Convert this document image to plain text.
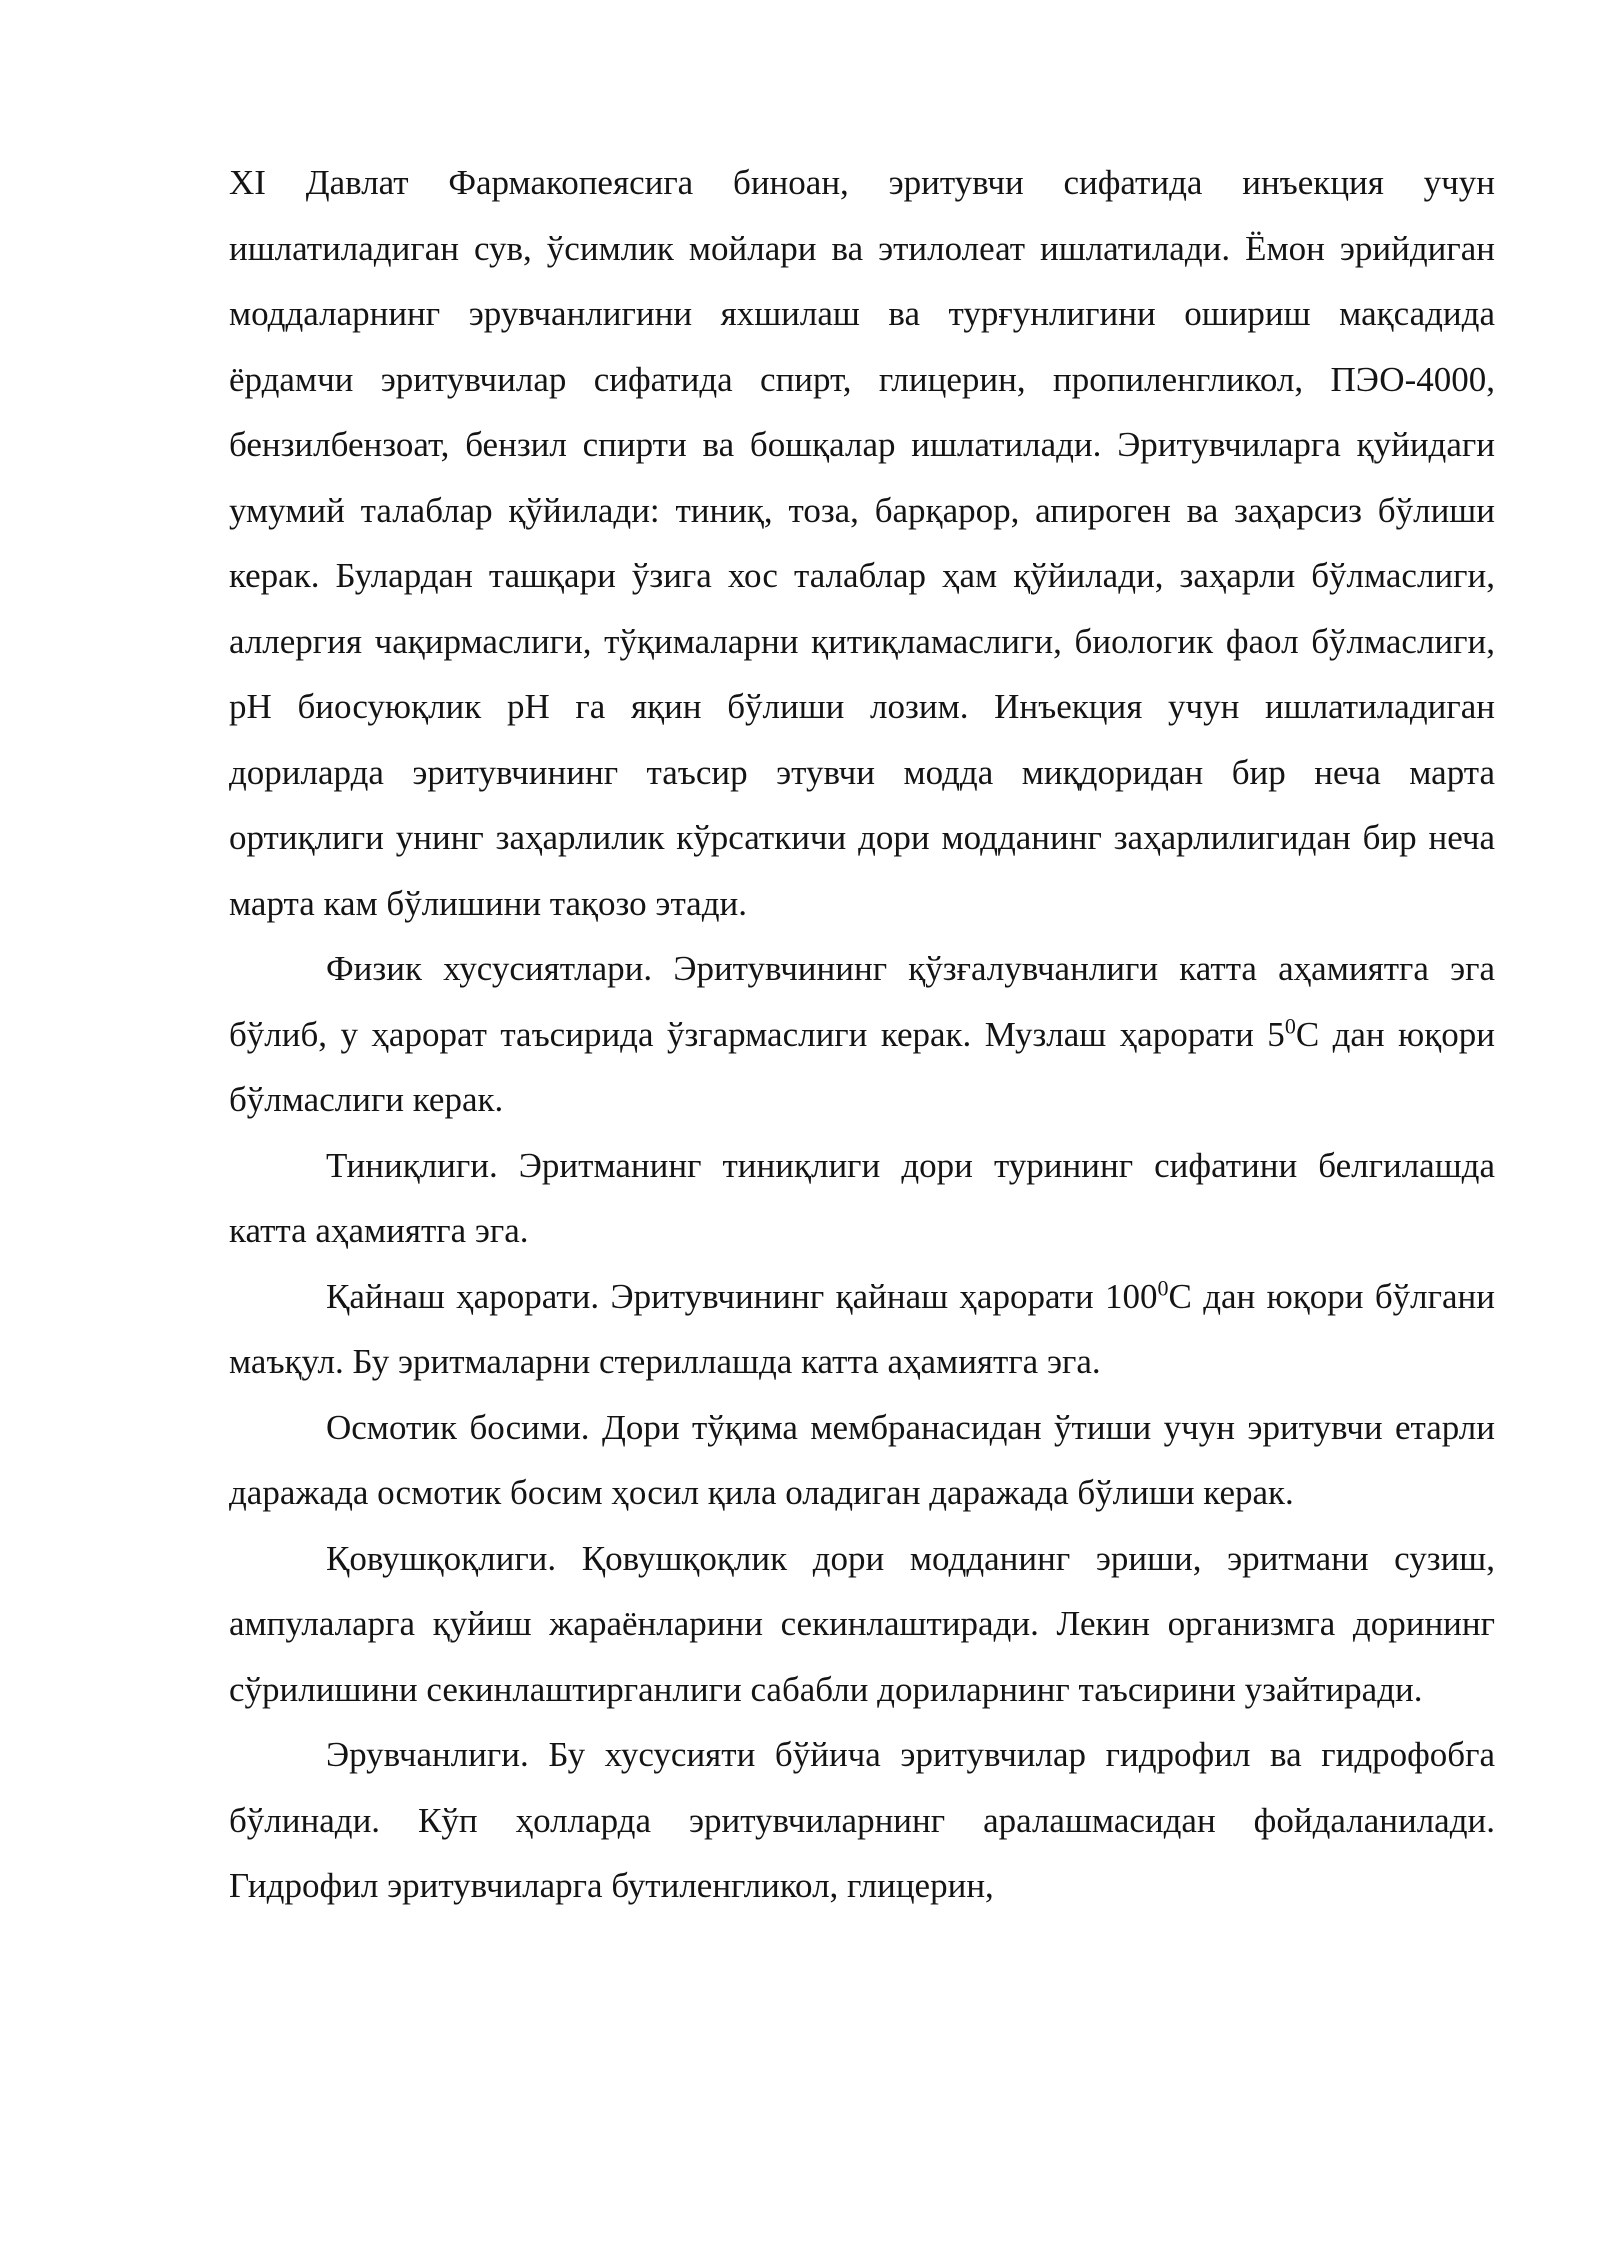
XI Давлат Фармакопеясига биноан, эритувчи сифатида инъекция учун ишлатиладиган сув, ўсимлик мойлари ва этилолеат ишлатилади. Ёмон эрийдиган моддаларнинг эрувчанлигини яхшилаш ва турғунлигини ошириш мақсадида ёрдамчи эритувчилар сифатида спирт, глицерин, пропиленгликол, ПЭО-4000, бензилбензоат, бензил спирти ва бошқалар ишлатилади. Эритувчиларга қуйидаги умумий талаблар қўйилади: тиниқ, тоза, барқарор, апироген ва заҳарсиз бўлиши керак. Булардан ташқари ўзига хос талаблар ҳам қўйилади, заҳарли бўлмаслиги, аллергия чақирмаслиги, тўқималарни қитиқламаслиги, биологик фаол бўлмаслиги, pH биосуюқлик pH га яқин бўлиши лозим. Инъекция учун ишлатиладиган дориларда эритувчининг таъсир этувчи модда миқдоридан бир неча марта ортиқлиги унинг заҳарлилик кўрсаткичи дори модданинг заҳарлилигидан бир неча марта кам бўлишини тақозо этади.

Физик хусусиятлари. Эритувчининг қўзғалувчанлиги катта аҳамиятга эга бўлиб, у ҳарорат таъсирида ўзгармаслиги керак. Музлаш ҳарорати $5^0С$ дан юқори бўлмаслиги керак.

Тиниқлиги. Эритманинг тиниқлиги дори турининг сифатини белгилашда катта аҳамиятга эга.

Қайнаш ҳарорати. Эритувчининг қайнаш ҳарорати $100^0С$ дан юқори бўлгани маъқул. Бу эритмаларни стериллашда катта аҳамиятга эга.

Осмотик босими. Дори тўқима мембранасидан ўтиши учун эритувчи етарли даражада осмотик босим ҳосил қила оладиган даражада бўлиши керак.

Қовушқоқлиги. Қовушқоқлик дори модданинг эриши, эритмани сузиш, ампулаларга қуйиш жараёнларини секинлаштиради. Лекин организмга дорининг сўрилишини секинлаштирганлиги сабабли дориларнинг таъсирини узайтиради.

Эрувчанлиги. Бу хусусияти бўйича эритувчилар гидрофил ва гидрофобга бўлинади. Кўп ҳолларда эритувчиларнинг аралашмасидан фойдаланилади. Гидрофил эритувчиларга бутиленгликол, глицерин,
